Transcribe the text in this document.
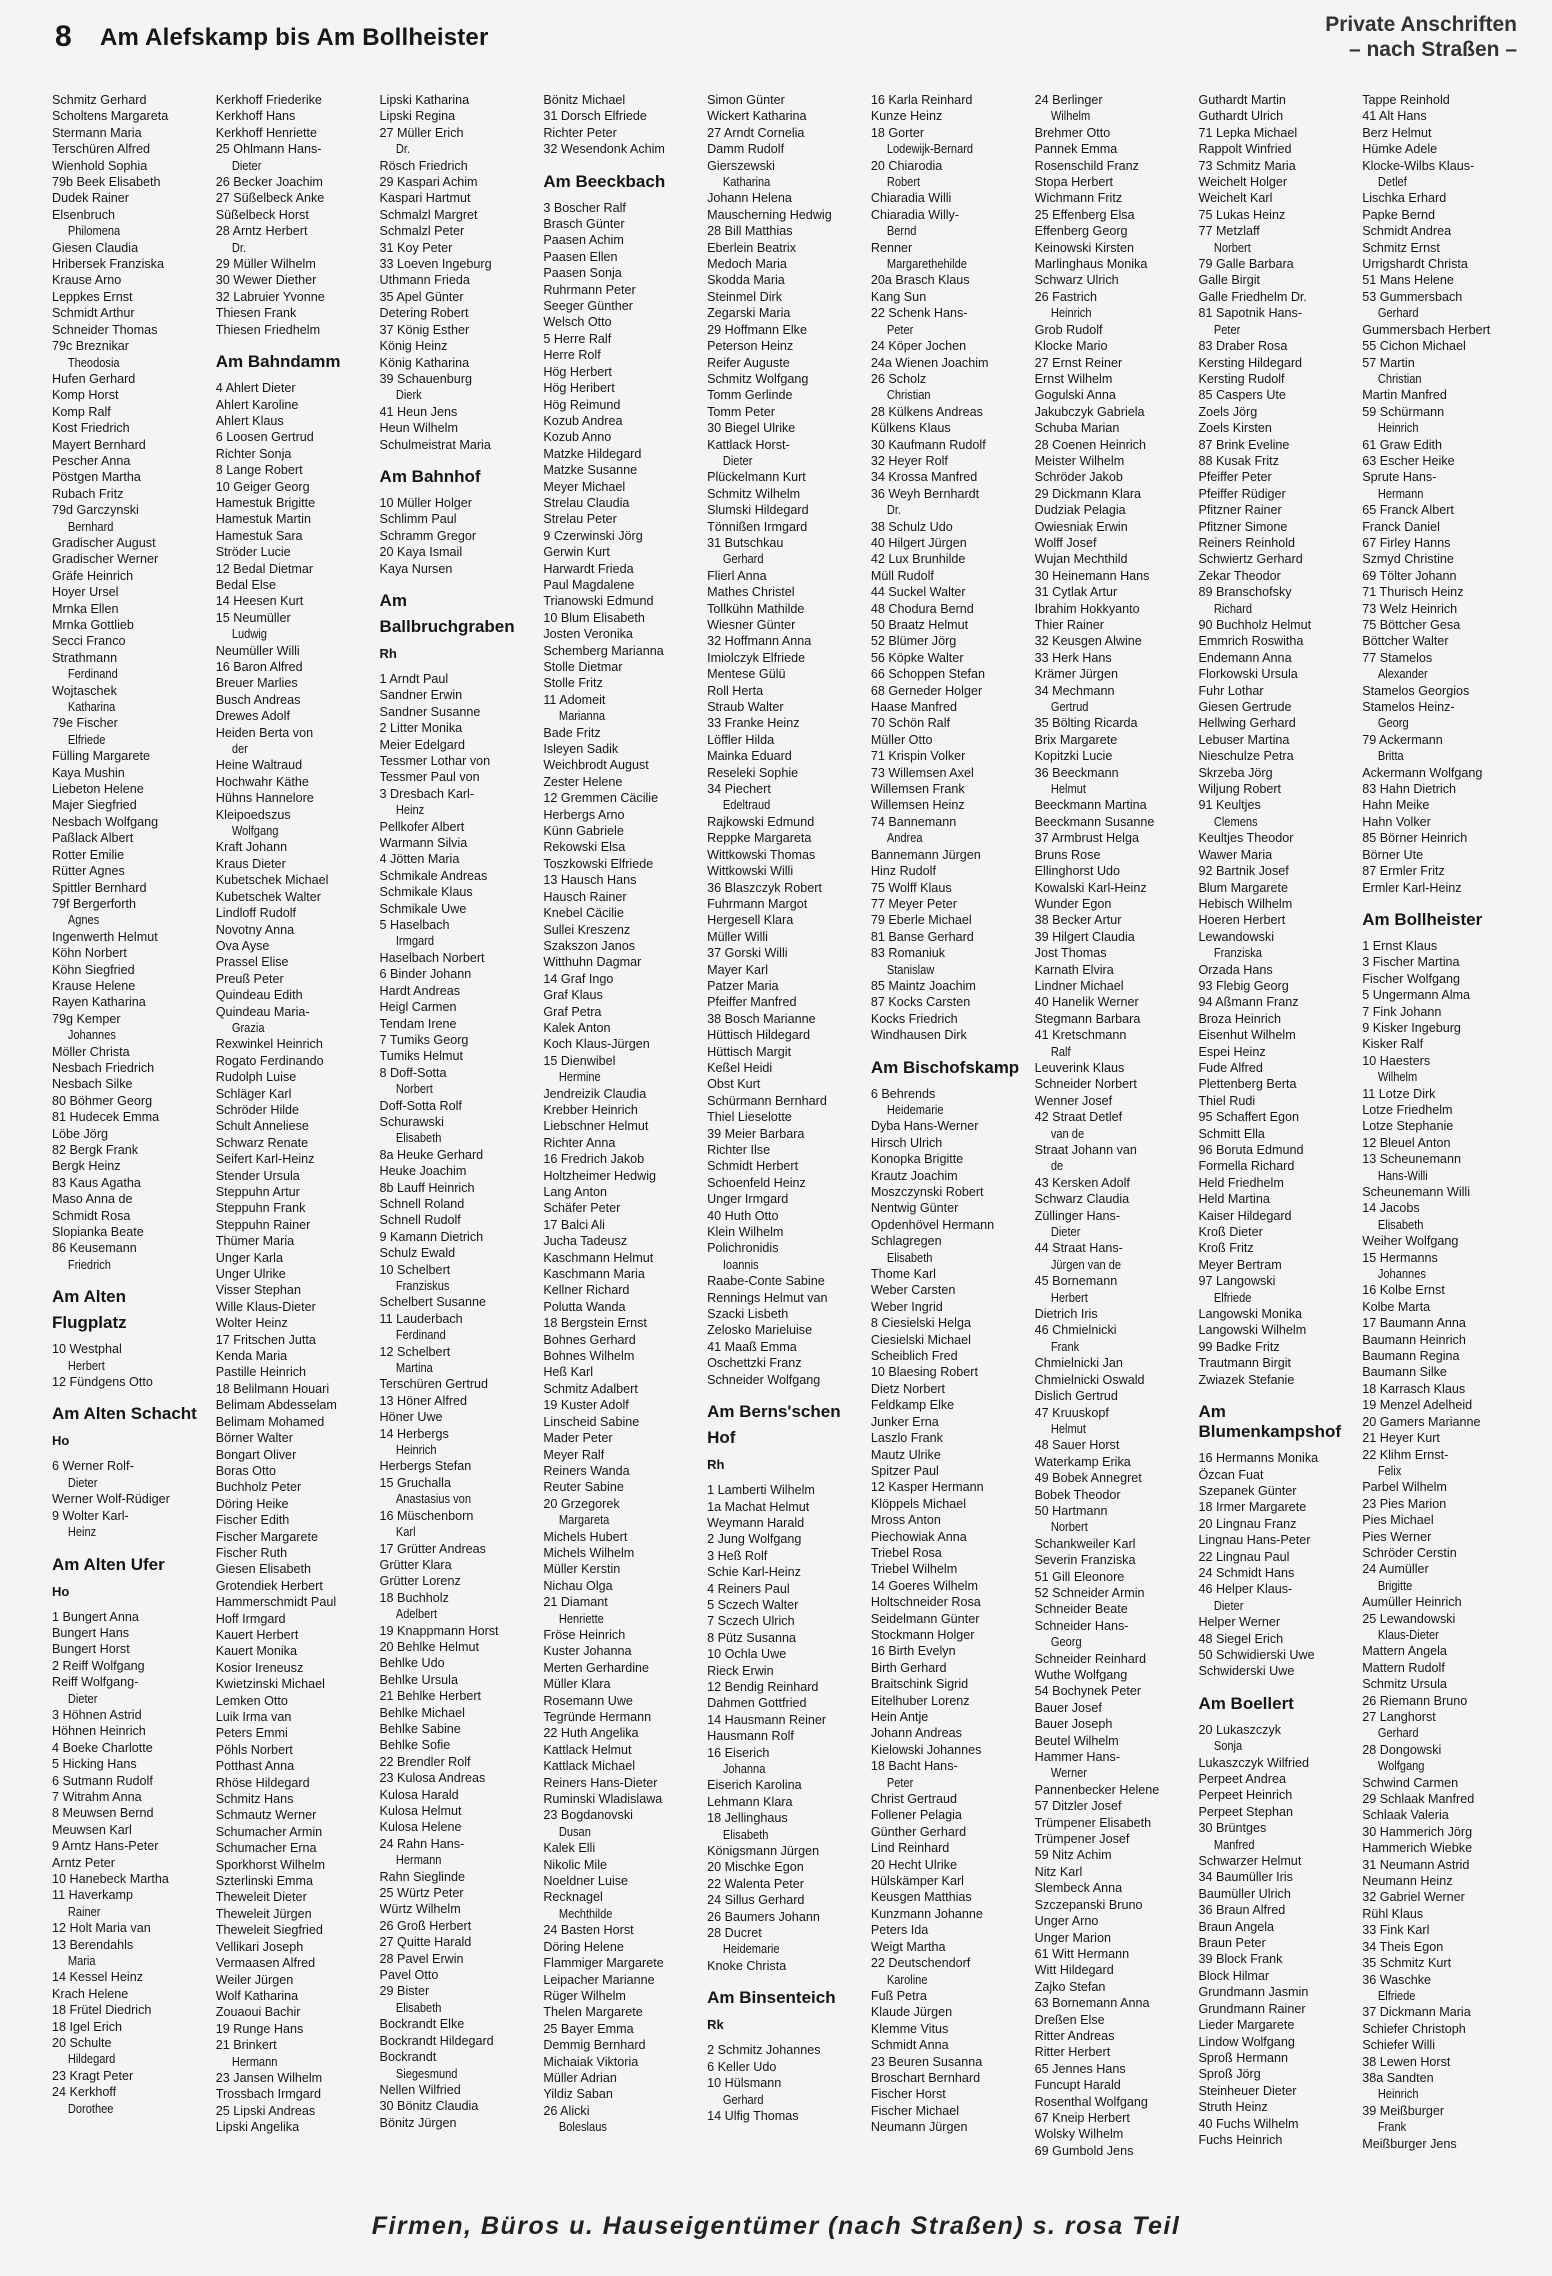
8 Am Alefskamp bis Am Bollheister	Private Anschriften
– nach Straßen –
Schmitz Gerhard
Scholtens Margareta
Stermann Maria
Terschüren Alfred
Wienhold Sophia
79b Beek Elisabeth
Dudek Rainer
Elsenbruch
Philomena
Giesen Claudia
Hribersek Franziska
Krause Arno
Leppkes Ernst
Schmidt Arthur
Schneider Thomas
79c Breznikar
Theodosia
Hufen Gerhard
Komp Horst
Komp Ralf
Kost Friedrich
Mayert Bernhard
Pescher Anna
Pöstgen Martha
Rubach Fritz
79d Garczynski
Bernhard
Gradischer August
Gradischer Werner
Gräfe Heinrich
Hoyer Ursel
Mrnka Ellen
Mrnka Gottlieb
Secci Franco
Strathmann
Ferdinand
Wojtaschek
Katharina
79e Fischer
Elfriede
Fülling Margarete
Kaya Mushin
Liebeton Helene
Majer Siegfried
Nesbach Wolfgang
Paßlack Albert
Rotter Emilie
Rütter Agnes
Spittler Bernhard
79f Bergerforth
Agnes
Ingenwerth Helmut
Köhn Norbert
Köhn Siegfried
Krause Helene
Rayen Katharina
79g Kemper
Johannes
Möller Christa
Nesbach Friedrich
Nesbach Silke
80 Böhmer Georg
81 Hudecek Emma
Löbe Jörg
82 Bergk Frank
Bergk Heinz
83 Kaus Agatha
Maso Anna de
Schmidt Rosa
Slopianka Beate
86 Keusemann
Friedrich
Am Alten
Flugplatz
10 Westphal
Herbert
12 Fündgens Otto
Am Alten Schacht
Ho
6 Werner Rolf-
Dieter
Werner Wolf-Rüdiger
9 Wolter Karl-
Heinz
Am Alten Ufer
Ho
1 Bungert Anna
Bungert Hans
Bungert Horst
2 Reiff Wolfgang
Reiff Wolfgang-
Dieter
3 Höhnen Astrid
Höhnen Heinrich
4 Boeke Charlotte
5 Hicking Hans
6 Sutmann Rudolf
7 Witrahm Anna
8 Meuwsen Bernd
Meuwsen Karl
9 Arntz Hans-Peter
Arntz Peter
10 Hanebeck Martha
11 Haverkamp
Rainer
12 Holt Maria van
13 Berendahls
Maria
14 Kessel Heinz
Krach Helene
18 Frütel Diedrich
18 Igel Erich
20 Schulte
Hildegard
23 Kragt Peter
24 Kerkhoff
Dorothee
Kerkhoff Friederike
Kerkhoff Hans
Kerkhoff Henriette
25 Ohlmann Hans-
Dieter
26 Becker Joachim
27 Süßelbeck Anke
Süßelbeck Horst
28 Arntz Herbert
Dr.
29 Müller Wilhelm
30 Wewer Diether
32 Labruier Yvonne
Thiesen Frank
Thiesen Friedhelm
Am Bahndamm
4 Ahlert Dieter
Ahlert Karoline
Ahlert Klaus
6 Loosen Gertrud
Richter Sonja
8 Lange Robert
10 Geiger Georg
Hamestuk Brigitte
Hamestuk Martin
Hamestuk Sara
Ströder Lucie
12 Bedal Dietmar
Bedal Else
14 Heesen Kurt
15 Neumüller
Ludwig
Neumüller Willi
16 Baron Alfred
Breuer Marlies
Busch Andreas
Drewes Adolf
Heiden Berta von
der
Heine Waltraud
Hochwahr Käthe
Hühns Hannelore
Kleipoedszus
Wolfgang
Kraft Johann
Kraus Dieter
Kubetschek Michael
Kubetschek Walter
Lindloff Rudolf
Novotny Anna
Ova Ayse
Prassel Elise
Preuß Peter
Quindeau Edith
Quindeau Maria-
Grazia
Rexwinkel Heinrich
Rogato Ferdinando
Rudolph Luise
Schläger Karl
Schröder Hilde
Schult Anneliese
Schwarz Renate
Seifert Karl-Heinz
Stender Ursula
Steppuhn Artur
Steppuhn Frank
Steppuhn Rainer
Thümer Maria
Unger Karla
Unger Ulrike
Visser Stephan
Wille Klaus-Dieter
Wolter Heinz
17 Fritschen Jutta
Kenda Maria
Pastille Heinrich
18 Belilmann Houari
Belimam Abdesselam
Belimam Mohamed
Börner Walter
Bongart Oliver
Boras Otto
Buchholz Peter
Döring Heike
Fischer Edith
Fischer Margarete
Fischer Ruth
Giesen Elisabeth
Grotendiek Herbert
Hammerschmidt Paul
Hoff Irmgard
Kauert Herbert
Kauert Monika
Kosior Ireneusz
Kwietzinski Michael
Lemken Otto
Luik Irma van
Peters Emmi
Pöhls Norbert
Potthast Anna
Rhöse Hildegard
Schmitz Hans
Schmautz Werner
Schumacher Armin
Schumacher Erna
Sporkhorst Wilhelm
Szterlinski Emma
Theweleit Dieter
Theweleit Jürgen
Theweleit Siegfried
Vellikari Joseph
Vermaasen Alfred
Weiler Jürgen
Wolf Katharina
Zouaoui Bachir
19 Runge Hans
21 Brinkert
Hermann
23 Jansen Wilhelm
Trossbach Irmgard
25 Lipski Andreas
Lipski Angelika
Lipski Katharina
Lipski Regina
27 Müller Erich
Dr.
Rösch Friedrich
29 Kaspari Achim
Kaspari Hartmut
Schmalzl Margret
Schmalzl Peter
31 Koy Peter
33 Loeven Ingeburg
Uthmann Frieda
35 Apel Günter
Detering Robert
37 König Esther
König Heinz
König Katharina
39 Schauenburg
Dierk
41 Heun Jens
Heun Wilhelm
Schulmeistrat Maria
Am Bahnhof
10 Müller Holger
Schlimm Paul
Schramm Gregor
20 Kaya Ismail
Kaya Nursen
Am
Ballbruchgraben
Rh
1 Arndt Paul
Sandner Erwin
Sandner Susanne
2 Litter Monika
Meier Edelgard
Tessmer Lothar von
Tessmer Paul von
3 Dresbach Karl-
Heinz
Pellkofer Albert
Warmann Silvia
4 Jötten Maria
Schmikale Andreas
Schmikale Klaus
Schmikale Uwe
5 Haselbach
Irmgard
Haselbach Norbert
6 Binder Johann
Hardt Andreas
Heigl Carmen
Tendam Irene
7 Tumiks Georg
Tumiks Helmut
8 Doff-Sotta
Norbert
Doff-Sotta Rolf
Schurawski
Elisabeth
8a Heuke Gerhard
Heuke Joachim
8b Lauff Heinrich
Schnell Roland
Schnell Rudolf
9 Kamann Dietrich
Schulz Ewald
10 Schelbert
Franziskus
Schelbert Susanne
11 Lauderbach
Ferdinand
12 Schelbert
Martina
Terschüren Gertrud
13 Höner Alfred
Höner Uwe
14 Herbergs
Heinrich
Herbergs Stefan
15 Gruchalla
Anastasius von
16 Müschenborn
Karl
17 Grütter Andreas
Grütter Klara
Grütter Lorenz
18 Buchholz
Adelbert
19 Knappmann Horst
20 Behlke Helmut
Behlke Udo
Behlke Ursula
21 Behlke Herbert
Behlke Michael
Behlke Sabine
Behlke Sofie
22 Brendler Rolf
23 Kulosa Andreas
Kulosa Harald
Kulosa Helmut
Kulosa Helene
24 Rahn Hans-
Hermann
Rahn Sieglinde
25 Würtz Peter
Würtz Wilhelm
26 Groß Herbert
27 Quitte Harald
28 Pavel Erwin
Pavel Otto
29 Bister
Elisabeth
Bockrandt Elke
Bockrandt Hildegard
Bockrandt
Siegesmund
Nellen Wilfried
30 Bönitz Claudia
Bönitz Jürgen
Bönitz Michael
31 Dorsch Elfriede
Richter Peter
32 Wesendonk Achim
Am Beeckbach
3 Boscher Ralf
Brasch Günter
Paasen Achim
Paasen Ellen
Paasen Sonja
Ruhrmann Peter
Seeger Günther
Welsch Otto
5 Herre Ralf
Herre Rolf
Hög Herbert
Hög Heribert
Hög Reimund
Kozub Andrea
Kozub Anno
Matzke Hildegard
Matzke Susanne
Meyer Michael
Strelau Claudia
Strelau Peter
9 Czerwinski Jörg
Gerwin Kurt
Harwardt Frieda
Paul Magdalene
Trianowski Edmund
10 Blum Elisabeth
Josten Veronika
Schemberg Marianna
Stolle Dietmar
Stolle Fritz
11 Adomeit
Marianna
Bade Fritz
Isleyen Sadik
Weichbrodt August
Zester Helene
12 Gremmen Cäcilie
Herbergs Arno
Künn Gabriele
Rekowski Elsa
Toszkowski Elfriede
13 Hausch Hans
Hausch Rainer
Knebel Cäcilie
Sullei Kreszenz
Szakszon Janos
Witthuhn Dagmar
14 Graf Ingo
Graf Klaus
Graf Petra
Kalek Anton
Koch Klaus-Jürgen
15 Dienwibel
Hermine
Jendreizik Claudia
Krebber Heinrich
Liebschner Helmut
Richter Anna
16 Fredrich Jakob
Holtzheimer Hedwig
Lang Anton
Schäfer Peter
17 Balci Ali
Jucha Tadeusz
Kaschmann Helmut
Kaschmann Maria
Kellner Richard
Polutta Wanda
18 Bergstein Ernst
Bohnes Gerhard
Bohnes Wilhelm
Heß Karl
Schmitz Adalbert
19 Kuster Adolf
Linscheid Sabine
Mader Peter
Meyer Ralf
Reiners Wanda
Reuter Sabine
20 Grzegorek
Margareta
Michels Hubert
Michels Wilhelm
Müller Kerstin
Nichau Olga
21 Diamant
Henriette
Fröse Heinrich
Kuster Johanna
Merten Gerhardine
Müller Klara
Rosemann Uwe
Tegründe Hermann
22 Huth Angelika
Kattlack Helmut
Kattlack Michael
Reiners Hans-Dieter
Ruminski Wladislawa
23 Bogdanovski
Dusan
Kalek Elli
Nikolic Mile
Noeldner Luise
Recknagel
Mechthilde
24 Basten Horst
Döring Helene
Flammiger Margarete
Leipacher Marianne
Rüger Wilhelm
Thelen Margarete
25 Bayer Emma
Demmig Bernhard
Michaiak Viktoria
Müller Adrian
Yildiz Saban
26 Alicki
Boleslaus
Simon Günter
Wickert Katharina
27 Arndt Cornelia
Damm Rudolf
Gierszewski
Katharina
Johann Helena
Mauscherning Hedwig
28 Bill Matthias
Eberlein Beatrix
Medoch Maria
Skodda Maria
Steinmel Dirk
Zegarski Maria
29 Hoffmann Elke
Peterson Heinz
Reifer Auguste
Schmitz Wolfgang
Tomm Gerlinde
Tomm Peter
30 Biegel Ulrike
Kattlack Horst-
Dieter
Plückelmann Kurt
Schmitz Wilhelm
Slumski Hildegard
Tönnißen Irmgard
31 Butschkau
Gerhard
Flierl Anna
Mathes Christel
Tollkühn Mathilde
Wiesner Günter
32 Hoffmann Anna
Imiolczyk Elfriede
Mentese Gülü
Roll Herta
Straub Walter
33 Franke Heinz
Löffler Hilda
Mainka Eduard
Reseleki Sophie
34 Piechert
Edeltraud
Rajkowski Edmund
Reppke Margareta
Wittkowski Thomas
Wittkowski Willi
36 Blaszczyk Robert
Fuhrmann Margot
Hergesell Klara
Müller Willi
37 Gorski Willi
Mayer Karl
Patzer Maria
Pfeiffer Manfred
38 Bosch Marianne
Hüttisch Hildegard
Hüttisch Margit
Keßel Heidi
Obst Kurt
Schürmann Bernhard
Thiel Lieselotte
39 Meier Barbara
Richter Ilse
Schmidt Herbert
Schoenfeld Heinz
Unger Irmgard
40 Huth Otto
Klein Wilhelm
Polichronidis
Ioannis
Raabe-Conte Sabine
Rennings Helmut van
Szacki Lisbeth
Zelosko Marieluise
41 Maaß Emma
Oschettzki Franz
Schneider Wolfgang
Am Berns'schen
Hof
Rh
1 Lamberti Wilhelm
1a Machat Helmut
Weymann Harald
2 Jung Wolfgang
3 Heß Rolf
Schie Karl-Heinz
4 Reiners Paul
5 Sczech Walter
7 Sczech Ulrich
8 Pütz Susanna
10 Ochla Uwe
Rieck Erwin
12 Bendig Reinhard
Dahmen Gottfried
14 Hausmann Reiner
Hausmann Rolf
16 Eiserich
Johanna
Eiserich Karolina
Lehmann Klara
18 Jellinghaus
Elisabeth
Königsmann Jürgen
20 Mischke Egon
22 Walenta Peter
24 Sillus Gerhard
26 Baumers Johann
28 Ducret
Heidemarie
Knoke Christa
Am Binsenteich
Rk
2 Schmitz Johannes
6 Keller Udo
10 Hülsmann
Gerhard
14 Ulfig Thomas
16 Karla Reinhard
Kunze Heinz
18 Gorter
Lodewijk-Bernard
20 Chiarodia
Robert
Chiaradia Willi
Chiaradia Willy-
Bernd
Renner
Margarethehilde
20a Brasch Klaus
Kang Sun
22 Schenk Hans-
Peter
24 Köper Jochen
24a Wienen Joachim
26 Scholz
Christian
28 Külkens Andreas
Külkens Klaus
30 Kaufmann Rudolf
32 Heyer Rolf
34 Krossa Manfred
36 Weyh Bernhardt
Dr.
38 Schulz Udo
40 Hilgert Jürgen
42 Lux Brunhilde
Müll Rudolf
44 Suckel Walter
48 Chodura Bernd
50 Braatz Helmut
52 Blümer Jörg
56 Köpke Walter
66 Schoppen Stefan
68 Gerneder Holger
Haase Manfred
70 Schön Ralf
Müller Otto
71 Krispin Volker
73 Willemsen Axel
Willemsen Frank
Willemsen Heinz
74 Bannemann
Andrea
Bannemann Jürgen
Hinz Rudolf
75 Wolff Klaus
77 Meyer Peter
79 Eberle Michael
81 Banse Gerhard
83 Romaniuk
Stanislaw
85 Maintz Joachim
87 Kocks Carsten
Kocks Friedrich
Windhausen Dirk
Am Bischofskamp
6 Behrends
Heidemarie
Dyba Hans-Werner
Hirsch Ulrich
Konopka Brigitte
Krautz Joachim
Moszczynski Robert
Nentwig Günter
Opdenhövel Hermann
Schlagregen
Elisabeth
Thome Karl
Weber Carsten
Weber Ingrid
8 Ciesielski Helga
Ciesielski Michael
Scheiblich Fred
10 Blaesing Robert
Dietz Norbert
Feldkamp Elke
Junker Erna
Laszlo Frank
Mautz Ulrike
Spitzer Paul
12 Kasper Hermann
Klöppels Michael
Mross Anton
Piechowiak Anna
Triebel Rosa
Triebel Wilhelm
14 Goeres Wilhelm
Holtschneider Rosa
Seidelmann Günter
Stockmann Holger
16 Birth Evelyn
Birth Gerhard
Braitschink Sigrid
Eitelhuber Lorenz
Hein Antje
Johann Andreas
Kielowski Johannes
18 Bacht Hans-
Peter
Christ Gertraud
Follener Pelagia
Günther Gerhard
Lind Reinhard
20 Hecht Ulrike
Hülskämper Karl
Keusgen Matthias
Kunzmann Johanne
Peters Ida
Weigt Martha
22 Deutschendorf
Karoline
Fuß Petra
Klaude Jürgen
Klemme Vitus
Schmidt Anna
23 Beuren Susanna
Broschart Bernhard
Fischer Horst
Fischer Michael
Neumann Jürgen
24 Berlinger
Wilhelm
Brehmer Otto
Pannek Emma
Rosenschild Franz
Stopa Herbert
Wichmann Fritz
25 Effenberg Elsa
Effenberg Georg
Keinowski Kirsten
Marlinghaus Monika
Schwarz Ulrich
26 Fastrich
Heinrich
Grob Rudolf
Klocke Mario
27 Ernst Reiner
Ernst Wilhelm
Gogulski Anna
Jakubczyk Gabriela
Schuba Marian
28 Coenen Heinrich
Meister Wilhelm
Schröder Jakob
29 Dickmann Klara
Dudziak Pelagia
Owiesniak Erwin
Wolff Josef
Wujan Mechthild
30 Heinemann Hans
31 Cytlak Artur
Ibrahim Hokkyanto
Thier Rainer
32 Keusgen Alwine
33 Herk Hans
Krämer Jürgen
34 Mechmann
Gertrud
35 Bölting Ricarda
Brix Margarete
Kopitzki Lucie
36 Beeckmann
Helmut
Beeckmann Martina
Beeckmann Susanne
37 Armbrust Helga
Bruns Rose
Ellinghorst Udo
Kowalski Karl-Heinz
Wunder Egon
38 Becker Artur
39 Hilgert Claudia
Jost Thomas
Karnath Elvira
Lindner Michael
40 Hanelik Werner
Stegmann Barbara
41 Kretschmann
Ralf
Leuverink Klaus
Schneider Norbert
Wenner Josef
42 Straat Detlef
van de
Straat Johann van
de
43 Kersken Adolf
Schwarz Claudia
Züllinger Hans-
Dieter
44 Straat Hans-
Jürgen van de
45 Bornemann
Herbert
Dietrich Iris
46 Chmielnicki
Frank
Chmielnicki Jan
Chmielnicki Oswald
Dislich Gertrud
47 Kruuskopf
Helmut
48 Sauer Horst
Waterkamp Erika
49 Bobek Annegret
Bobek Theodor
50 Hartmann
Norbert
Schankweiler Karl
Severin Franziska
51 Gill Eleonore
52 Schneider Armin
Schneider Beate
Schneider Hans-
Georg
Schneider Reinhard
Wuthe Wolfgang
54 Bochynek Peter
Bauer Josef
Bauer Joseph
Beutel Wilhelm
Hammer Hans-
Werner
Pannenbecker Helene
57 Ditzler Josef
Trümpener Elisabeth
Trümpener Josef
59 Nitz Achim
Nitz Karl
Slembeck Anna
Szczepanski Bruno
Unger Arno
Unger Marion
61 Witt Hermann
Witt Hildegard
Zajko Stefan
63 Bornemann Anna
Dreßen Else
Ritter Andreas
Ritter Herbert
65 Jennes Hans
Funcupt Harald
Rosenthal Wolfgang
67 Kneip Herbert
Wolsky Wilhelm
69 Gumbold Jens
Guthardt Martin
Guthardt Ulrich
71 Lepka Michael
Rappolt Winfried
73 Schmitz Maria
Weichelt Holger
Weichelt Karl
75 Lukas Heinz
77 Metzlaff
Norbert
79 Galle Barbara
Galle Birgit
Galle Friedhelm Dr.
81 Sapotnik Hans-
Peter
83 Draber Rosa
Kersting Hildegard
Kersting Rudolf
85 Caspers Ute
Zoels Jörg
Zoels Kirsten
87 Brink Eveline
88 Kusak Fritz
Pfeiffer Peter
Pfeiffer Rüdiger
Pfitzner Rainer
Pfitzner Simone
Reiners Reinhold
Schwiertz Gerhard
Zekar Theodor
89 Branschofsky
Richard
90 Buchholz Helmut
Emmrich Roswitha
Endemann Anna
Florkowski Ursula
Fuhr Lothar
Giesen Gertrude
Hellwing Gerhard
Lebuser Martina
Nieschulze Petra
Skrzeba Jörg
Wiljung Robert
91 Keultjes
Clemens
Keultjes Theodor
Wawer Maria
92 Bartnik Josef
Blum Margarete
Hebisch Wilhelm
Hoeren Herbert
Lewandowski
Franziska
Orzada Hans
93 Flebig Georg
94 Aßmann Franz
Broza Heinrich
Eisenhut Wilhelm
Espei Heinz
Fude Alfred
Plettenberg Berta
Thiel Rudi
95 Schaffert Egon
Schmitt Ella
96 Boruta Edmund
Formella Richard
Held Friedhelm
Held Martina
Kaiser Hildegard
Kroß Dieter
Kroß Fritz
Meyer Bertram
97 Langowski
Elfriede
Langowski Monika
Langowski Wilhelm
99 Badke Fritz
Trautmann Birgit
Zwiazek Stefanie
Am Blumenkampshof
16 Hermanns Monika
Özcan Fuat
Szepanek Günter
18 Irmer Margarete
20 Lingnau Franz
Lingnau Hans-Peter
22 Lingnau Paul
24 Schmidt Hans
46 Helper Klaus-
Dieter
Helper Werner
48 Siegel Erich
50 Schwidierski Uwe
Schwiderski Uwe
Am Boellert
20 Lukaszczyk
Sonja
Lukaszczyk Wilfried
Perpeet Andrea
Perpeet Heinrich
Perpeet Stephan
30 Brüntges
Manfred
Schwarzer Helmut
34 Baumüller Iris
Baumüller Ulrich
36 Braun Alfred
Braun Angela
Braun Peter
39 Block Frank
Block Hilmar
Grundmann Jasmin
Grundmann Rainer
Lieder Margarete
Lindow Wolfgang
Sproß Hermann
Sproß Jörg
Steinheuer Dieter
Struth Heinz
40 Fuchs Wilhelm
Fuchs Heinrich
Tappe Reinhold
41 Alt Hans
Berz Helmut
Hümke Adele
Klocke-Wilbs Klaus-
Detlef
Lischka Erhard
Papke Bernd
Schmidt Andrea
Schmitz Ernst
Urrigshardt Christa
51 Mans Helene
53 Gummersbach
Gerhard
Gummersbach Herbert
55 Cichon Michael
57 Martin
Christian
Martin Manfred
59 Schürmann
Heinrich
61 Graw Edith
63 Escher Heike
Sprute Hans-
Hermann
65 Franck Albert
Franck Daniel
67 Firley Hanns
Szmyd Christine
69 Tölter Johann
71 Thurisch Heinz
73 Welz Heinrich
75 Böttcher Gesa
Böttcher Walter
77 Stamelos
Alexander
Stamelos Georgios
Stamelos Heinz-
Georg
79 Ackermann
Britta
Ackermann Wolfgang
83 Hahn Dietrich
Hahn Meike
Hahn Volker
85 Börner Heinrich
Börner Ute
87 Ermler Fritz
Ermler Karl-Heinz
Am Bollheister
1 Ernst Klaus
3 Fischer Martina
Fischer Wolfgang
5 Ungermann Alma
7 Fink Johann
9 Kisker Ingeburg
Kisker Ralf
10 Haesters
Wilhelm
11 Lotze Dirk
Lotze Friedhelm
Lotze Stephanie
12 Bleuel Anton
13 Scheunemann
Hans-Willi
Scheunemann Willi
14 Jacobs
Elisabeth
Weiher Wolfgang
15 Hermanns
Johannes
16 Kolbe Ernst
Kolbe Marta
17 Baumann Anna
Baumann Heinrich
Baumann Regina
Baumann Silke
18 Karrasch Klaus
19 Menzel Adelheid
20 Gamers Marianne
21 Heyer Kurt
22 Klihm Ernst-
Felix
Parbel Wilhelm
23 Pies Marion
Pies Michael
Pies Werner
Schröder Cerstin
24 Aumüller
Brigitte
Aumüller Heinrich
25 Lewandowski
Klaus-Dieter
Mattern Angela
Mattern Rudolf
Schmitz Ursula
26 Riemann Bruno
27 Langhorst
Gerhard
28 Dongowski
Wolfgang
Schwind Carmen
29 Schlaak Manfred
Schlaak Valeria
30 Hammerich Jörg
Hammerich Wiebke
31 Neumann Astrid
Neumann Heinz
32 Gabriel Werner
Rühl Klaus
33 Fink Karl
34 Theis Egon
35 Schmitz Kurt
36 Waschke
Elfriede
37 Dickmann Maria
Schiefer Christoph
Schiefer Willi
38 Lewen Horst
38a Sandten
Heinrich
39 Meißburger
Frank
Meißburger Jens
Firmen, Büros u. Hauseigentümer (nach Straßen) s. rosa Teil
